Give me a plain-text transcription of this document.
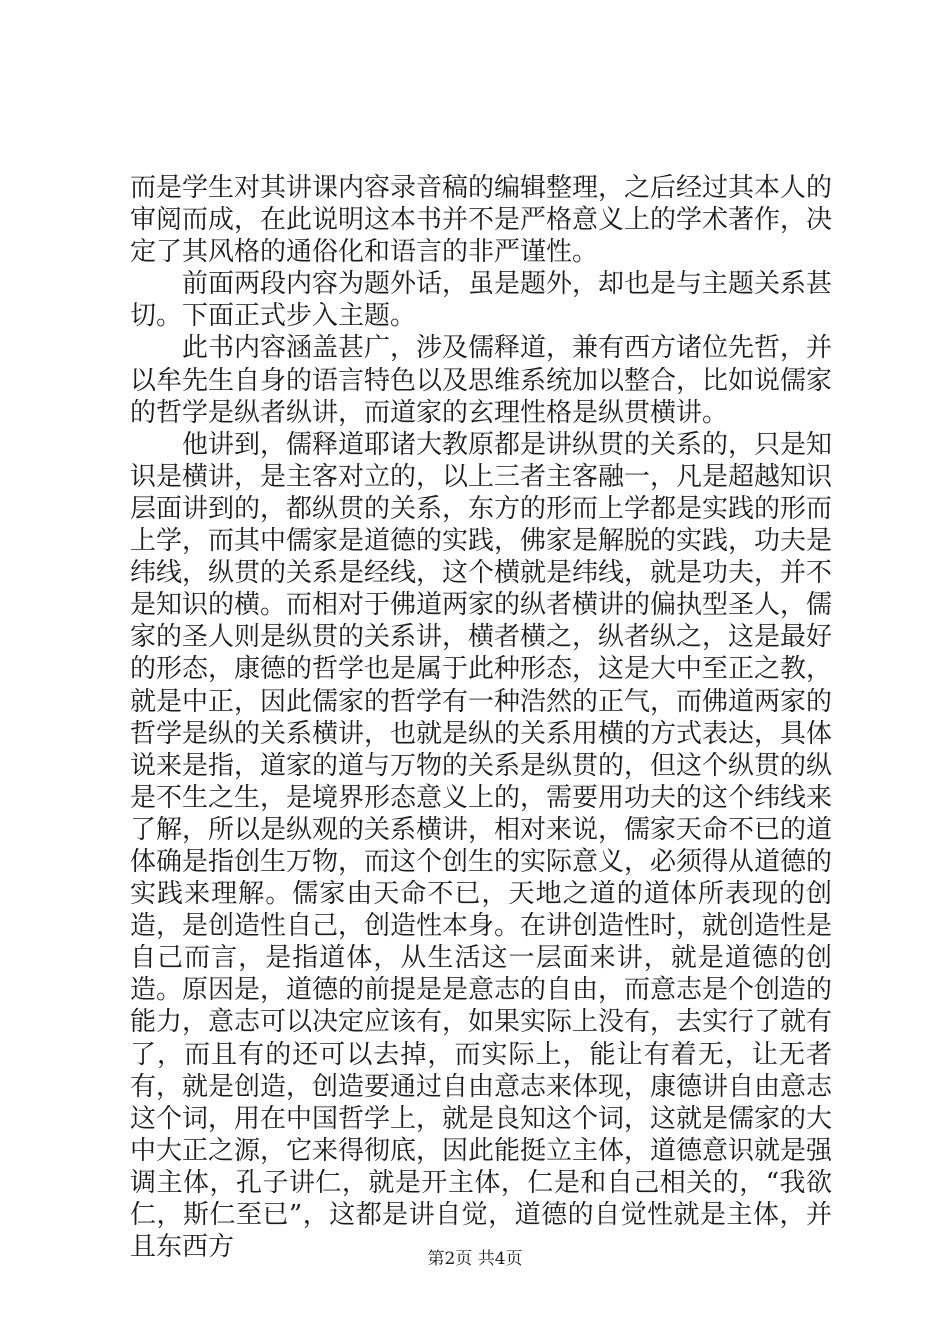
而是学生对其讲课内容录音稿的编辑整理，之后经过其本人的审阅而成，在此说明这本书并不是严格意义上的学术著作，决定了其风格的通俗化和语言的非严谨性。

前面两段内容为题外话，虽是题外，却也是与主题关系甚切。下面正式步入主题。

此书内容涵盖甚广，涉及儒释道，兼有西方诸位先哲，并以牟先生自身的语言特色以及思维系统加以整合，比如说儒家的哲学是纵者纵讲，而道家的玄理性格是纵贯横讲。

他讲到，儒释道耶诸大教原都是讲纵贯的关系的，只是知识是横讲，是主客对立的，以上三者主客融一，凡是超越知识层面讲到的，都纵贯的关系，东方的形而上学都是实践的形而上学，而其中儒家是道德的实践，佛家是解脱的实践，功夫是纬线，纵贯的关系是经线，这个横就是纬线，就是功夫，并不是知识的横。而相对于佛道两家的纵者横讲的偏执型圣人，儒家的圣人则是纵贯的关系讲，横者横之，纵者纵之，这是最好的形态，康德的哲学也是属于此种形态，这是大中至正之教，就是中正，因此儒家的哲学有一种浩然的正气，而佛道两家的哲学是纵的关系横讲，也就是纵的关系用横的方式表达，具体说来是指，道家的道与万物的关系是纵贯的，但这个纵贯的纵是不生之生，是境界形态意义上的，需要用功夫的这个纬线来了解，所以是纵观的关系横讲，相对来说，儒家天命不已的道体确是指创生万物，而这个创生的实际意义，必须得从道德的实践来理解。儒家由天命不已，天地之道的道体所表现的创造，是创造性自己，创造性本身。在讲创造性时，就创造性是自己而言，是指道体，从生活这一层面来讲，就是道德的创造。原因是，道德的前提是是意志的自由，而意志是个创造的能力，意志可以决定应该有，如果实际上没有，去实行了就有了，而且有的还可以去掉，而实际上，能让有着无，让无者有，就是创造，创造要通过自由意志来体现，康德讲自由意志这个词，用在中国哲学上，就是良知这个词，这就是儒家的大中大正之源，它来得彻底，因此能挺立主体，道德意识就是强调主体，孔子讲仁，就是开主体，仁是和自己相关的，“我欲仁，斯仁至已”，这都是讲自觉，道德的自觉性就是主体，并且东西方	第2页 共4页
